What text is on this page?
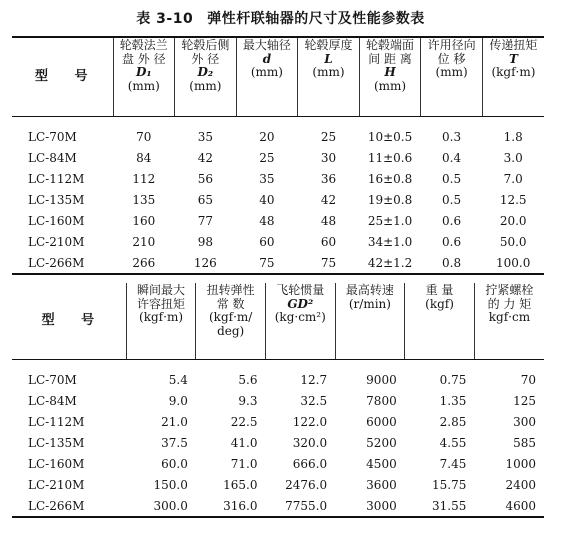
表 3-10 弹性杆联轴器的尺寸及性能参数表
型 号	轮毂法兰
盘 外 径
D₁
(mm)	轮毂后侧
外 径
D₂
(mm)	最大轴径
d
(mm)	轮毂厚度
L
(mm)	轮毂端面
间 距 离
H
(mm)	许用径向
位 移
(mm)	传递扭矩
T
(kgf·m)

LC-70M	70	35	20	25	10±0.5	0.3	1.8
LC-84M	84	42	25	30	11±0.6	0.4	3.0
LC-112M	112	56	35	36	16±0.8	0.5	7.0
LC-135M	135	65	40	42	19±0.8	0.5	12.5
LC-160M	160	77	48	48	25±1.0	0.6	20.0
LC-210M	210	98	60	60	34±1.0	0.6	50.0
LC-266M	266	126	75	75	42±1.2	0.8	100.0
型 号	瞬间最大
许容扭矩
(kgf·m)	扭转弹性
常 数
(kgf·m/
deg)	飞轮惯量
GD²
(kg·cm²)	最高转速
(r/min)	重 量
(kgf)	拧紧螺栓
的 力 矩
kgf·cm

LC-70M	5.4	5.6	12.7	9000	0.75	70
LC-84M	9.0	9.3	32.5	7800	1.35	125
LC-112M	21.0	22.5	122.0	6000	2.85	300
LC-135M	37.5	41.0	320.0	5200	4.55	585
LC-160M	60.0	71.0	666.0	4500	7.45	1000
LC-210M	150.0	165.0	2476.0	3600	15.75	2400
LC-266M	300.0	316.0	7755.0	3000	31.55	4600
